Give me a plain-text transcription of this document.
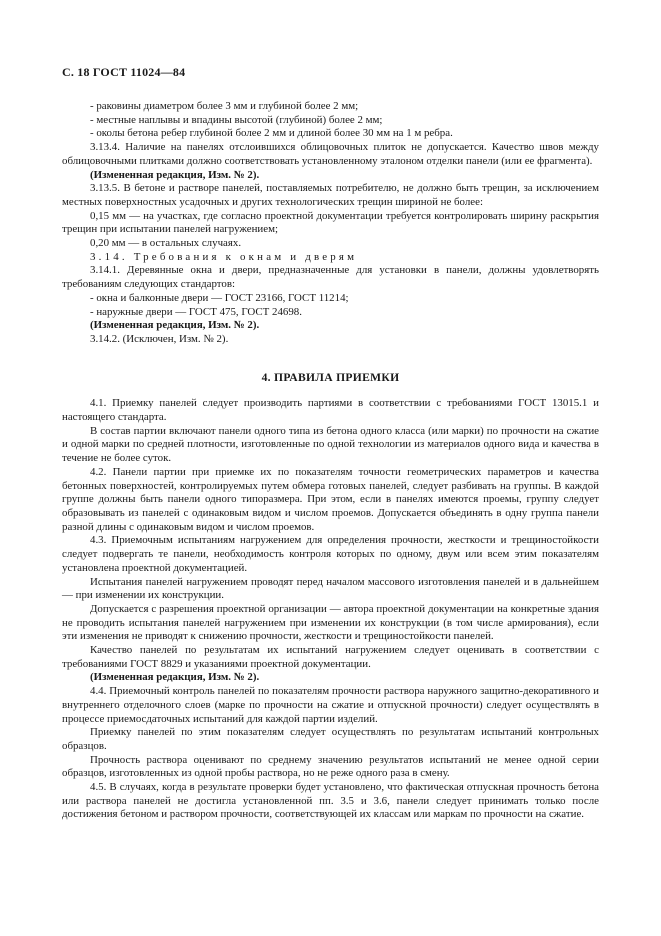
С. 18 ГОСТ 11024—84

- раковины диаметром более 3 мм и глубиной более 2 мм;

- местные наплывы и впадины высотой (глубиной) более 2 мм;

- околы бетона ребер глубиной более 2 мм и длиной более 30 мм на 1 м ребра.

3.13.4. Наличие на панелях отслоившихся облицовочных плиток не допускается. Качество швов между облицовочными плитками должно соответствовать установленному эталоном отделки панели (или ее фрагмента).

(Измененная редакция, Изм. № 2).

3.13.5. В бетоне и растворе панелей, поставляемых потребителю, не должно быть трещин, за исключением местных поверхностных усадочных и других технологических трещин шириной не более:

0,15 мм — на участках, где согласно проектной документации требуется контролировать ширину раскрытия трещин при испытании панелей нагружением;

0,20 мм — в остальных случаях.

3.14. Требования к окнам и дверям

3.14.1. Деревянные окна и двери, предназначенные для установки в панели, должны удовлетворять требованиям следующих стандартов:

- окна и балконные двери — ГОСТ 23166, ГОСТ 11214;

- наружные двери — ГОСТ 475, ГОСТ 24698.

(Измененная редакция, Изм. № 2).

3.14.2. (Исключен, Изм. № 2).

4. ПРАВИЛА ПРИЕМКИ

4.1. Приемку панелей следует производить партиями в соответствии с требованиями ГОСТ 13015.1 и настоящего стандарта.

В состав партии включают панели одного типа из бетона одного класса (или марки) по прочности на сжатие и одной марки по средней плотности, изготовленные по одной технологии из материалов одного вида и качества в течение не более суток.

4.2. Панели партии при приемке их по показателям точности геометрических параметров и качества бетонных поверхностей, контролируемых путем обмера готовых панелей, следует разбивать на группы. В каждой группе должны быть панели одного типоразмера. При этом, если в панелях имеются проемы, группу следует образовывать из панелей с одинаковым видом и числом проемов. Допускается объединять в одну группа панели разной длины с одинаковым видом и числом проемов.

4.3. Приемочным испытаниям нагружением для определения прочности, жесткости и трещиностойкости следует подвергать те панели, необходимость контроля которых по одному, двум или всем этим показателям установлена проектной документацией.

Испытания панелей нагружением проводят перед началом массового изготовления панелей и в дальнейшем — при изменении их конструкции.

Допускается с разрешения проектной организации — автора проектной документации на конкретные здания не проводить испытания панелей нагружением при изменении их конструкции (в том числе армирования), если эти изменения не приводят к снижению прочности, жесткости и трещиностойкости панелей.

Качество панелей по результатам их испытаний нагружением следует оценивать в соответствии с требованиями ГОСТ 8829 и указаниями проектной документации.

(Измененная редакция, Изм. № 2).

4.4. Приемочный контроль панелей по показателям прочности раствора наружного защитно-декоративного и внутреннего отделочного слоев (марке по прочности на сжатие и отпускной прочности) следует осуществлять в процессе приемосдаточных испытаний для каждой партии изделий.

Приемку панелей по этим показателям следует осуществлять по результатам испытаний контрольных образцов.

Прочность раствора оценивают по среднему значению результатов испытаний не менее одной серии образцов, изготовленных из одной пробы раствора, но не реже одного раза в смену.

4.5. В случаях, когда в результате проверки будет установлено, что фактическая отпускная прочность бетона или раствора панелей не достигла установленной пп. 3.5 и 3.6, панели следует принимать только после достижения бетоном и раствором прочности, соответствующей их классам или маркам по прочности на сжатие.
